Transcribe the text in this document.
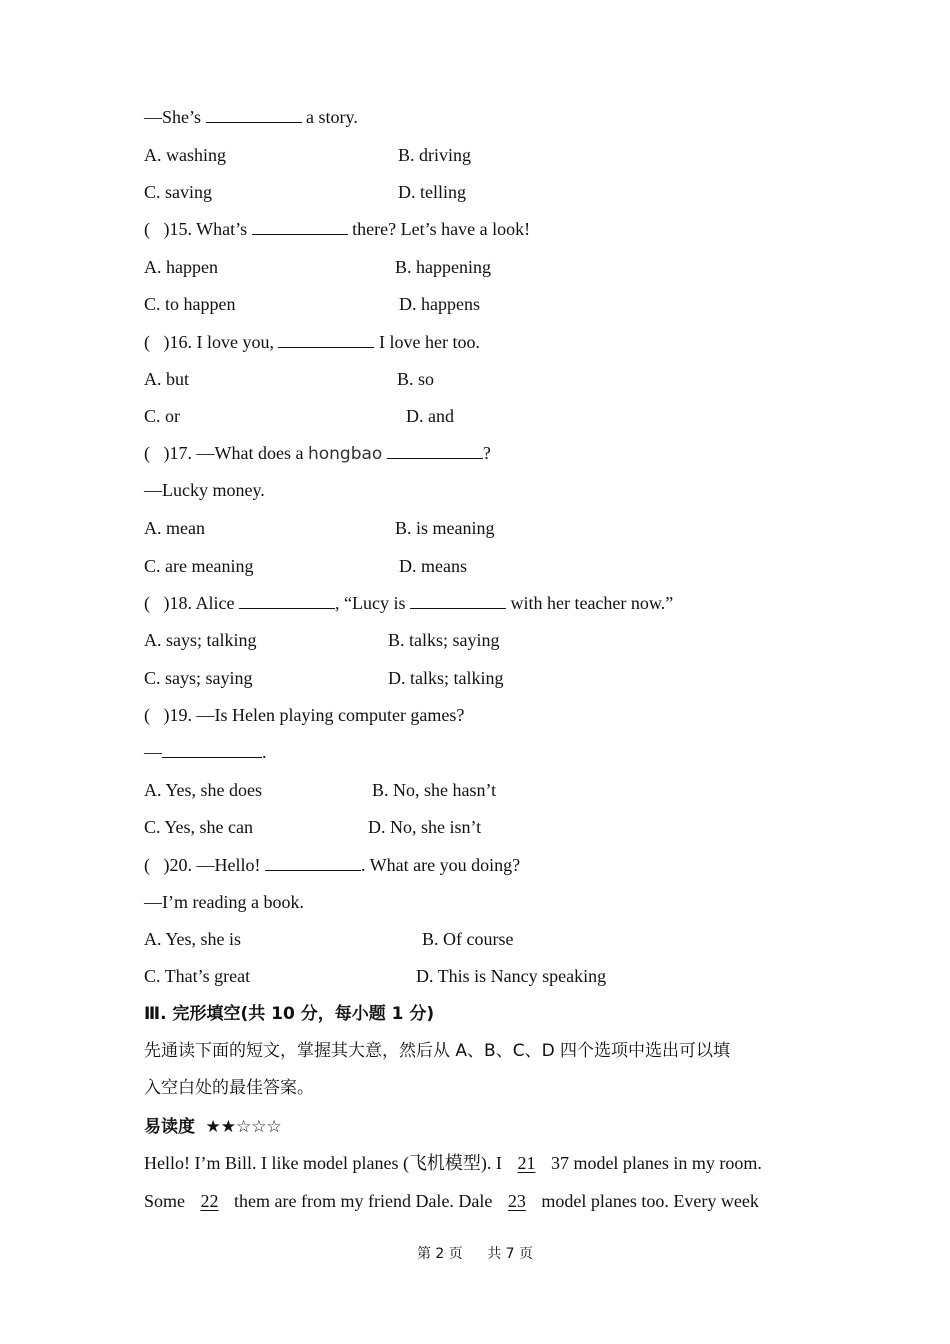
—She’s	a story.
A. washing	B. driving
C. saving	D. telling
(   )15. What’s	there? Let’s have a look!
A. happen	B. happening
C. to happen	D. happens
(   )16. I love you,	I love her too.
A. but	B. so
C. or	D. and
(   )17. —What does a hongbao	?
—Lucky money.
A. mean	B. is meaning
C. are meaning	D. means
(   )18. Alice	, “Lucy is	with her teacher now.”
A. says; talking	B. talks; saying
C. says; saying	D. talks; talking
(   )19. —Is Helen playing computer games?
—	.
A. Yes, she does	B. No, she hasn’t
C. Yes, she can	D. No, she isn’t
(   )20. —Hello!	. What are you doing?
—I’m reading a book.
A. Yes, she is	B. Of course
C. That’s great	D. This is Nancy speaking
Ⅲ. 完形填空(共 10 分，每小题 1 分)
先通读下面的短文，掌握其大意，然后从 A、B、C、D 四个选项中选出可以填
入空白处的最佳答案。
易读度 ★★☆☆☆
Hello! I’m Bill. I like model planes (飞机模型). I 21 37 model planes in my room.
Some 22 them are from my friend Dale. Dale 23 model planes too. Every week
第 2 页 共 7 页
